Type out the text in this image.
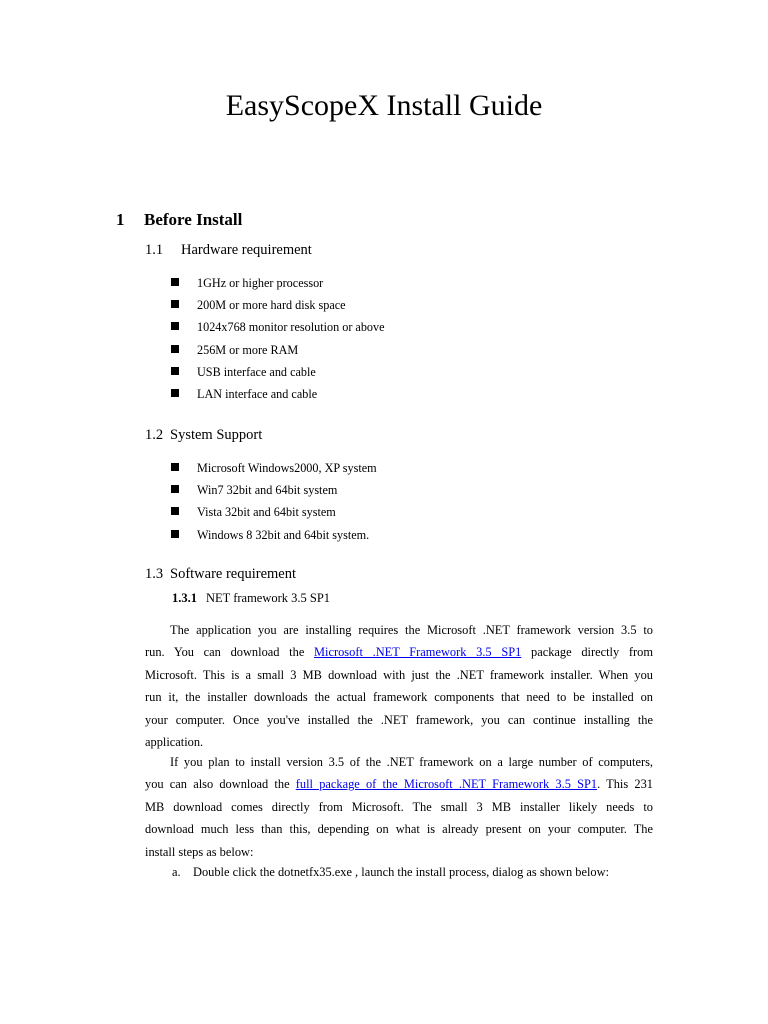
EasyScopeX Install Guide
1 Before Install
1.1 Hardware requirement
1GHz or higher processor
200M or more hard disk space
1024x768 monitor resolution or above
256M or more RAM
USB interface and cable
LAN interface and cable
1.2 System Support
Microsoft Windows2000, XP system
Win7 32bit and 64bit system
Vista 32bit and 64bit system
Windows 8 32bit and 64bit system.
1.3 Software requirement
1.3.1 NET framework 3.5 SP1
The application you are installing requires the Microsoft .NET framework version 3.5 to
run. You can download the Microsoft .NET Framework 3.5 SP1 package directly from
Microsoft. This is a small 3 MB download with just the .NET framework installer. When you
run it, the installer downloads the actual framework components that need to be installed on
your computer. Once you've installed the .NET framework, you can continue installing the
application.
If you plan to install version 3.5 of the .NET framework on a large number of computers,
you can also download the full package of the Microsoft .NET Framework 3.5 SP1. This 231
MB download comes directly from Microsoft. The small 3 MB installer likely needs to
download much less than this, depending on what is already present on your computer. The
install steps as below:
a. Double click the dotnetfx35.exe , launch the install process, dialog as shown below:
